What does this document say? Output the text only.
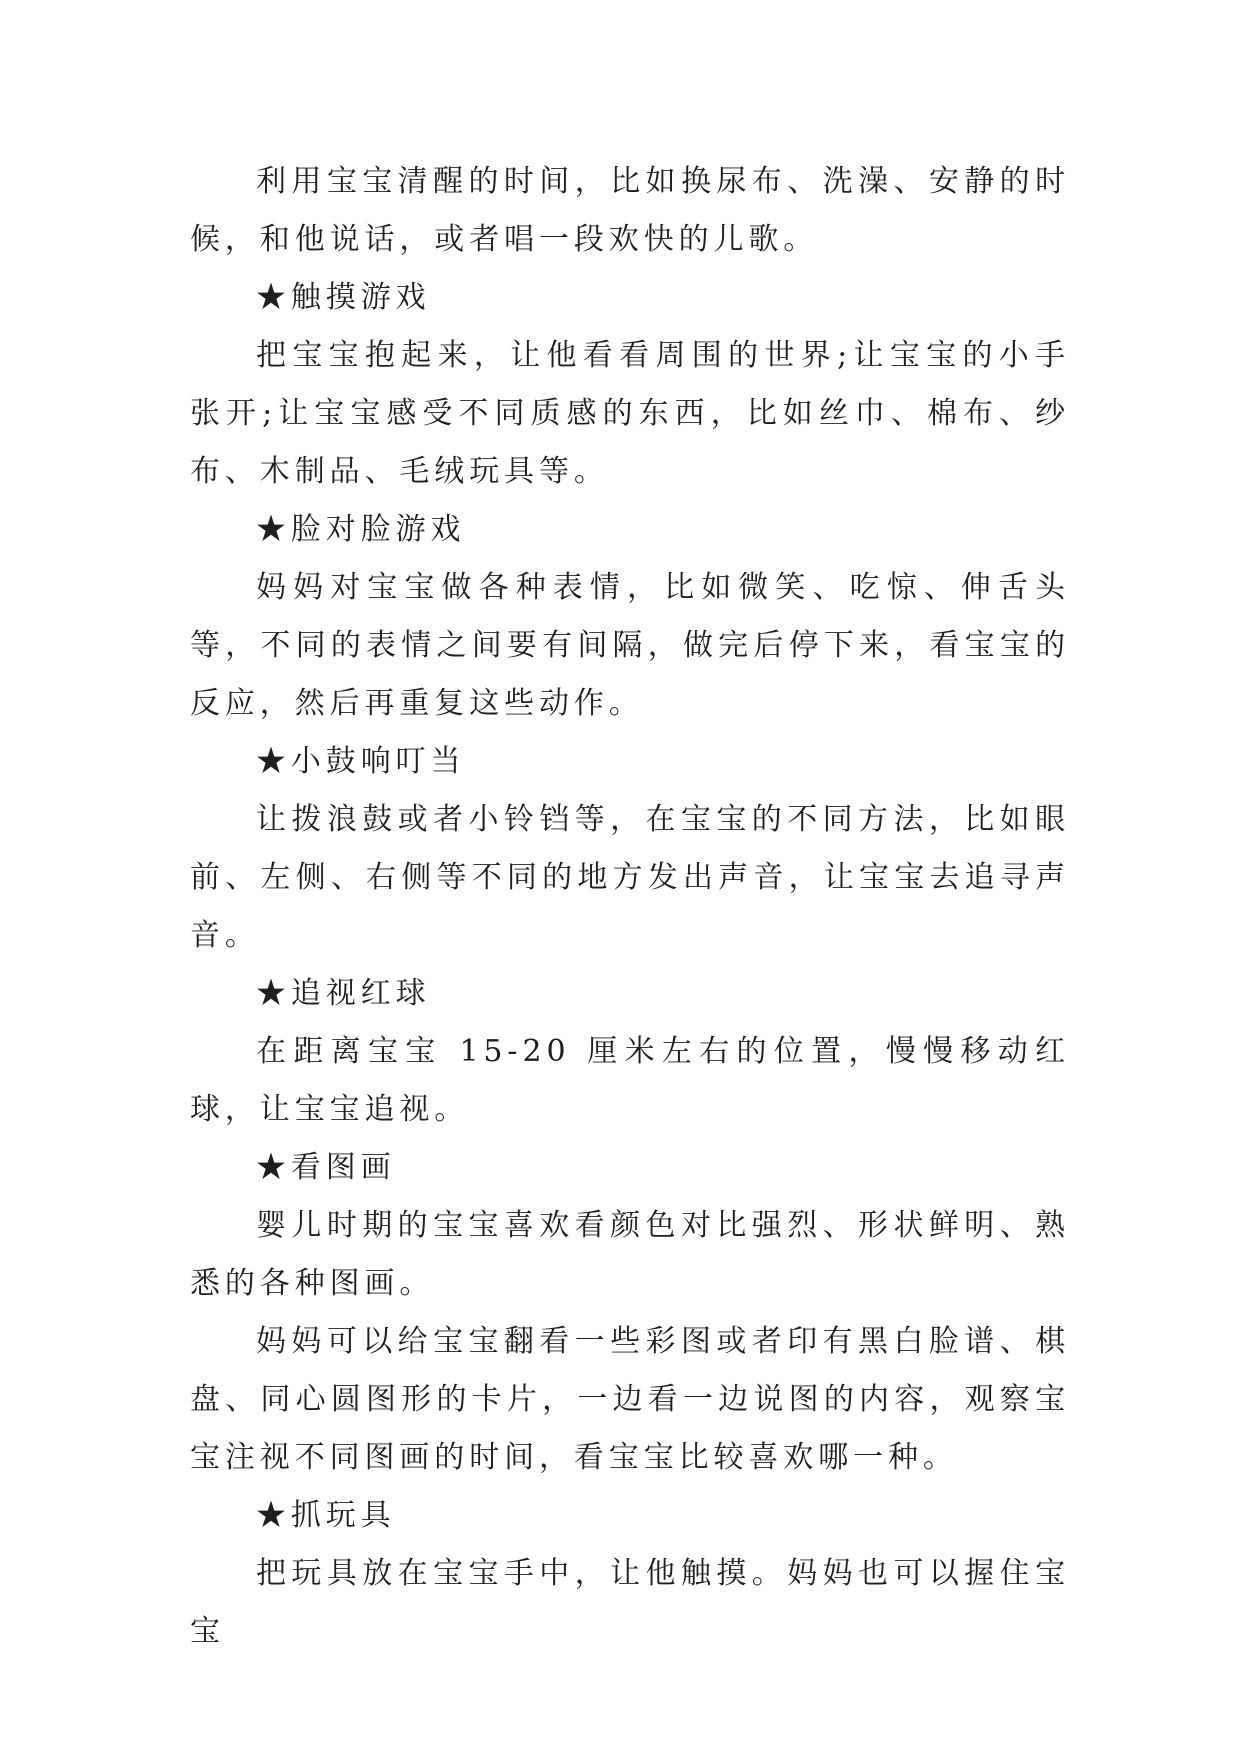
利用宝宝清醒的时间，比如换尿布、洗澡、安静的时候，和他说话，或者唱一段欢快的儿歌。

★触摸游戏

把宝宝抱起来，让他看看周围的世界;让宝宝的小手张开;让宝宝感受不同质感的东西，比如丝巾、棉布、纱布、木制品、毛绒玩具等。

★脸对脸游戏

妈妈对宝宝做各种表情，比如微笑、吃惊、伸舌头等，不同的表情之间要有间隔，做完后停下来，看宝宝的反应，然后再重复这些动作。

★小鼓响叮当

让拨浪鼓或者小铃铛等，在宝宝的不同方法，比如眼前、左侧、右侧等不同的地方发出声音，让宝宝去追寻声音。

★追视红球

在距离宝宝 15-20 厘米左右的位置，慢慢移动红球，让宝宝追视。

★看图画

婴儿时期的宝宝喜欢看颜色对比强烈、形状鲜明、熟悉的各种图画。

妈妈可以给宝宝翻看一些彩图或者印有黑白脸谱、棋盘、同心圆图形的卡片，一边看一边说图的内容，观察宝宝注视不同图画的时间，看宝宝比较喜欢哪一种。

★抓玩具

把玩具放在宝宝手中，让他触摸。妈妈也可以握住宝宝
